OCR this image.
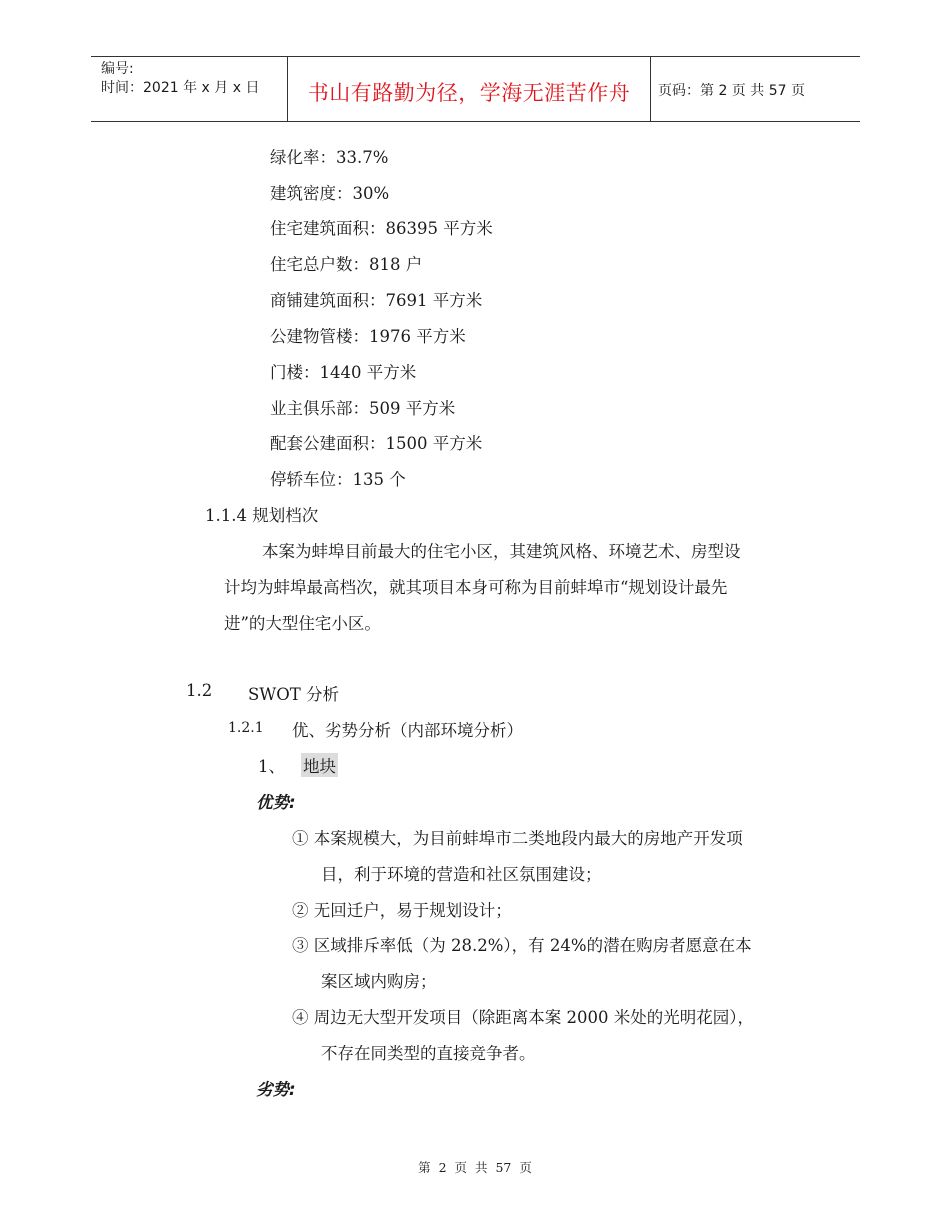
编号:
时间：2021 年 x 月 x 日	书山有路勤为径，学海无涯苦作舟	页码：第 2 页 共 57 页
绿化率：33.7%
建筑密度：30%
住宅建筑面积：86395 平方米
住宅总户数：818 户
商铺建筑面积：7691 平方米
公建物管楼：1976 平方米
门楼：1440 平方米
业主俱乐部：509 平方米
配套公建面积：1500 平方米
停轿车位：135 个
1.1.4 规划档次
本案为蚌埠目前最大的住宅小区，其建筑风格、环境艺术、房型设
计均为蚌埠最高档次，就其项目本身可称为目前蚌埠市“规划设计最先
进”的大型住宅小区。
1.2 SWOT 分析
1.2.1 优、劣势分析（内部环境分析）
1、 地块
优势:
① 本案规模大，为目前蚌埠市二类地段内最大的房地产开发项
目，利于环境的营造和社区氛围建设；
② 无回迁户，易于规划设计；
③ 区域排斥率低（为 28.2%），有 24%的潜在购房者愿意在本
案区域内购房；
④ 周边无大型开发项目（除距离本案 2000 米处的光明花园），
不存在同类型的直接竞争者。
劣势:
第 2 页 共 57 页
